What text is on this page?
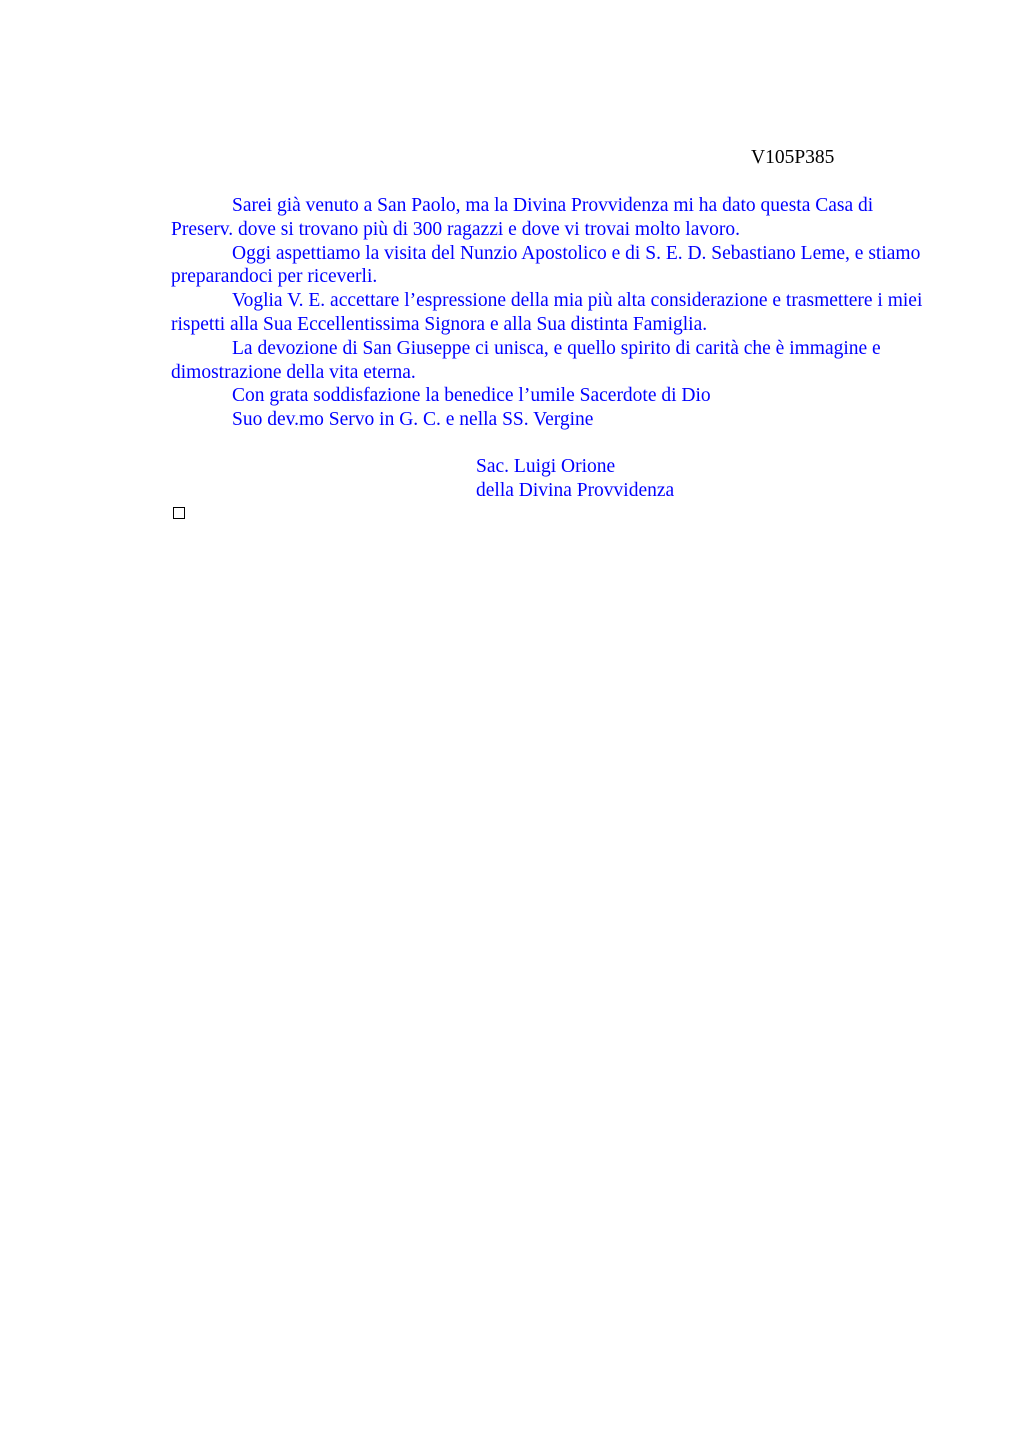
V105P385

Sarei già venuto a San Paolo, ma la Divina Provvidenza mi ha dato questa Casa di Preserv. dove si trovano più di 300 ragazzi e dove vi trovai molto lavoro.

Oggi aspettiamo la visita del Nunzio Apostolico e di S. E. D. Sebastiano Leme, e stiamo preparandoci per riceverli.

Voglia V. E. accettare l’espressione della mia più alta considerazione e trasmettere i miei rispetti alla Sua Eccellentissima Signora e alla Sua distinta Famiglia.

La devozione di San Giuseppe ci unisca, e quello spirito di carità che è immagine e dimostrazione della vita eterna.

Con grata soddisfazione la benedice l’umile Sacerdote di Dio

Suo dev.mo Servo in G. C. e nella SS. Vergine

Sac. Luigi Orione
della Divina Provvidenza
